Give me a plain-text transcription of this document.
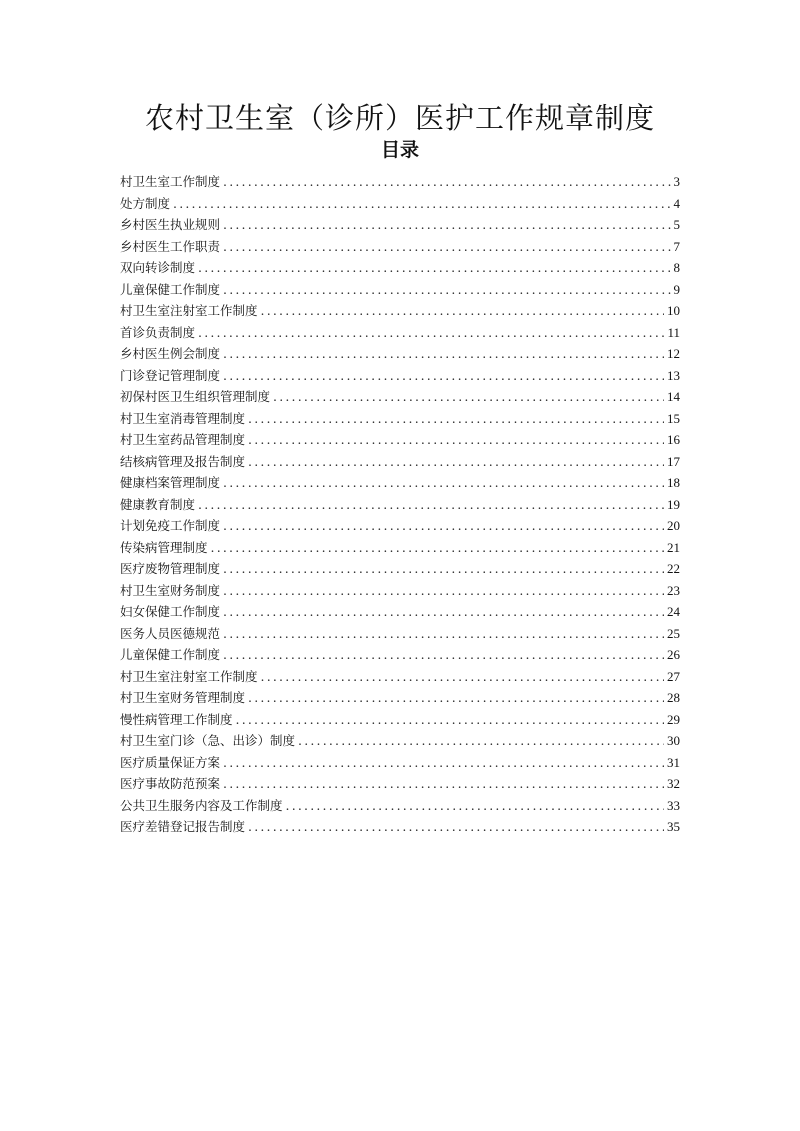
农村卫生室（诊所）医护工作规章制度
目录
村卫生室工作制度 .....	3
处方制度 .....	4
乡村医生执业规则 .....	5
乡村医生工作职责 .....	7
双向转诊制度 .....	8
儿童保健工作制度 .....	9
村卫生室注射室工作制度 .....	10
首诊负责制度 .....	11
乡村医生例会制度 .....	12
门诊登记管理制度 .....	13
初保村医卫生组织管理制度 .....	14
村卫生室消毒管理制度 .....	15
村卫生室药品管理制度 .....	16
结核病管理及报告制度 .....	17
健康档案管理制度 .....	18
健康教育制度 .....	19
计划免疫工作制度 .....	20
传染病管理制度 .....	21
医疗废物管理制度 .....	22
村卫生室财务制度 .....	23
妇女保健工作制度 .....	24
医务人员医德规范 .....	25
儿童保健工作制度 .....	26
村卫生室注射室工作制度 .....	27
村卫生室财务管理制度 .....	28
慢性病管理工作制度 .....	29
村卫生室门诊（急、出诊）制度 .....	30
医疗质量保证方案 .....	31
医疗事故防范预案 .....	32
公共卫生服务内容及工作制度 .....	33
医疗差错登记报告制度 .....	35
